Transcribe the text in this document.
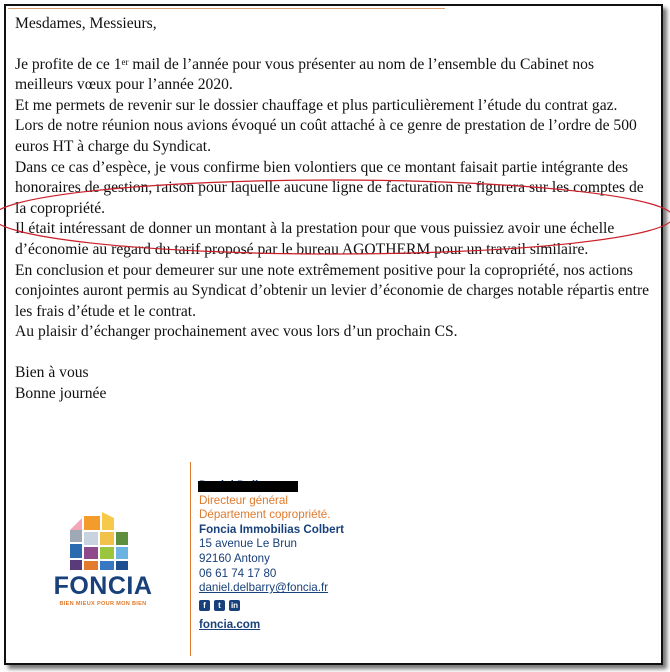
Mesdames, Messieurs,

Je profite de ce 1er mail de l’année pour vous présenter au nom de l’ensemble du Cabinet nos meilleurs vœux pour l’année 2020.

Et me permets de revenir sur le dossier chauffage et plus particulièrement l’étude du contrat gaz.

Lors de notre réunion nous avions évoqué un coût attaché à ce genre de prestation de l’ordre de 500 euros HT à charge du Syndicat.

Dans ce cas d’espèce, je vous confirme bien volontiers que ce montant faisait partie intégrante des honoraires de gestion, raison pour laquelle aucune ligne de facturation ne figurera sur les comptes de la copropriété.

Il était intéressant de donner un montant à la prestation pour que vous puissiez avoir une échelle d’économie au regard du tarif proposé par le bureau AGOTHERM pour un travail similaire.

En conclusion et pour demeurer sur une note extrêmement positive pour la copropriété, nos actions conjointes auront permis au Syndicat d’obtenir un levier d’économie de charges notable répartis entre les frais d’étude et le contrat.

Au plaisir d’échanger prochainement avec vous lors d’un prochain CS.

Bien à vous

Bonne journée

FONCIA
BIEN MIEUX POUR MON BIEN
Directeur général
Département copropriété.
Foncia Immobilias Colbert
15 avenue Le Brun
92160 Antony
06 61 74 17 80
daniel.delbarry@foncia.fr
f	t	in
foncia.com
